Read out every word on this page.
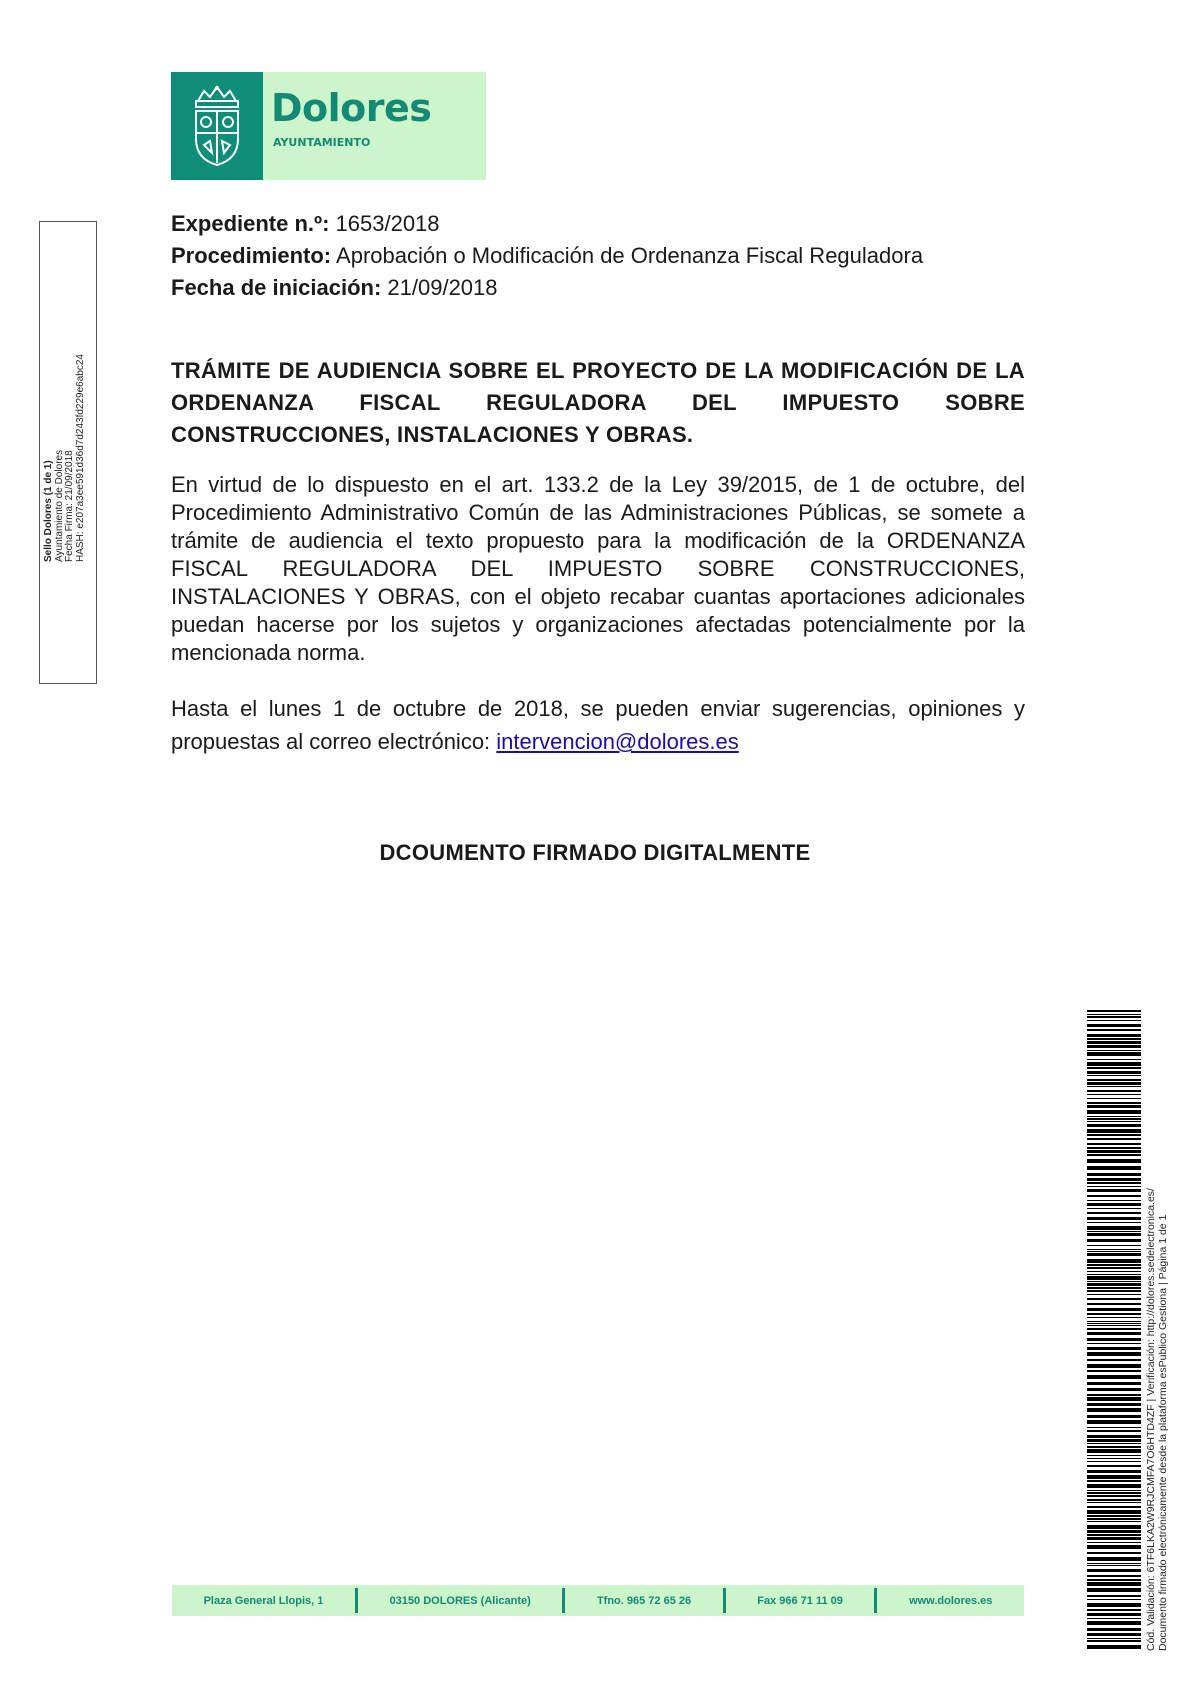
Dolores
AYUNTAMIENTO
Sello Dolores (1 de 1) Ayuntamiento de Dolores Fecha Firma: 21/09/2018 HASH: e207a3ee591d36d7d243fd229e6abc24
Expediente n.º: 1653/2018
Procedimiento: Aprobación o Modificación de Ordenanza Fiscal Reguladora
Fecha de iniciación: 21/09/2018
TRÁMITE DE AUDIENCIA SOBRE EL PROYECTO DE LA MODIFICACIÓN DE LA ORDENANZA FISCAL REGULADORA DEL IMPUESTO SOBRE CONSTRUCCIONES, INSTALACIONES Y OBRAS.
En virtud de lo dispuesto en el art. 133.2 de la Ley 39/2015, de 1 de octubre, del Procedimiento Administrativo Común de las Administraciones Públicas, se somete a trámite de audiencia el texto propuesto para la modificación de la ORDENANZA FISCAL REGULADORA DEL IMPUESTO SOBRE CONSTRUCCIONES, INSTALACIONES Y OBRAS, con el objeto recabar cuantas aportaciones adicionales puedan hacerse por los sujetos y organizaciones afectadas potencialmente por la mencionada norma.
Hasta el lunes 1 de octubre de 2018, se pueden enviar sugerencias, opiniones y propuestas al correo electrónico: intervencion@dolores.es
DCOUMENTO FIRMADO DIGITALMENTE
Plaza General Llopis, 1	03150 DOLORES (Alicante)	Tfno. 965 72 65 26	Fax 966 71 11 09	www.dolores.es	Cód. Validación: 6TF6LKA2W9RJCMFA7O6HTD4ZF | Verificación: http://dolores.sedelectronica.es/ Documento firmado electrónicamente desde la plataforma esPublico Gestiona | Página 1 de 1
